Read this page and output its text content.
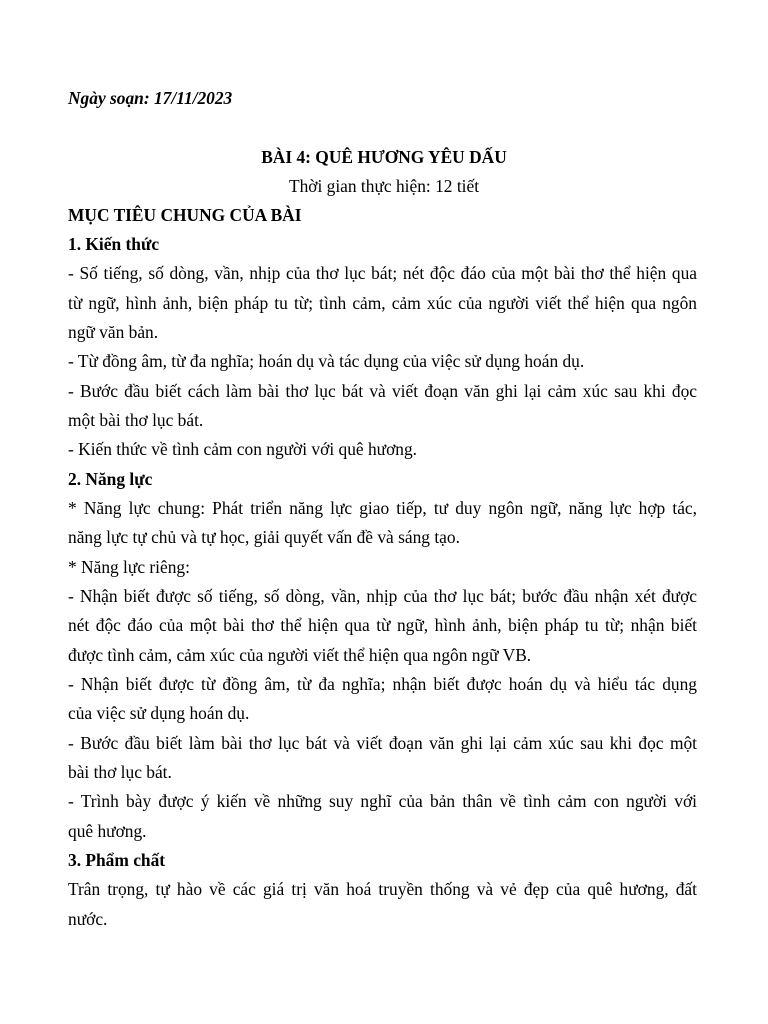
Ngày soạn: 17/11/2023
BÀI 4: QUÊ HƯƠNG YÊU DẤU
Thời gian thực hiện: 12 tiết
MỤC TIÊU CHUNG CỦA BÀI
1. Kiến thức
- Số tiếng, số dòng, vần, nhịp của thơ lục bát; nét độc đáo của một bài thơ thể hiện qua
từ ngữ, hình ảnh, biện pháp tu từ; tình cảm, cảm xúc của người viết thể hiện qua ngôn
ngữ văn bản.
- Từ đồng âm, từ đa nghĩa; hoán dụ và tác dụng của việc sử dụng hoán dụ.
- Bước đầu biết cách làm bài thơ lục bát và viết đoạn văn ghi lại cảm xúc sau khi đọc
một bài thơ lục bát.
- Kiến thức về tình cảm con người với quê hương.
2. Năng lực
* Năng lực chung: Phát triển năng lực giao tiếp, tư duy ngôn ngữ, năng lực hợp tác,
năng lực tự chủ và tự học, giải quyết vấn đề và sáng tạo.
* Năng lực riêng:
- Nhận biết được số tiếng, số dòng, vần, nhịp của thơ lục bát; bước đầu nhận xét được
nét độc đáo của một bài thơ thể hiện qua từ ngữ, hình ảnh, biện pháp tu từ; nhận biết
được tình cảm, cảm xúc của người viết thể hiện qua ngôn ngữ VB.
- Nhận biết được từ đồng âm, từ đa nghĩa; nhận biết được hoán dụ và hiểu tác dụng
của việc sử dụng hoán dụ.
- Bước đầu biết làm bài thơ lục bát và viết đoạn văn ghi lại cảm xúc sau khi đọc một
bài thơ lục bát.
- Trình bày được ý kiến về những suy nghĩ của bản thân về tình cảm con người với
quê hương.
3. Phẩm chất
Trân trọng, tự hào về các giá trị văn hoá truyền thống và vẻ đẹp của quê hương, đất
nước.
